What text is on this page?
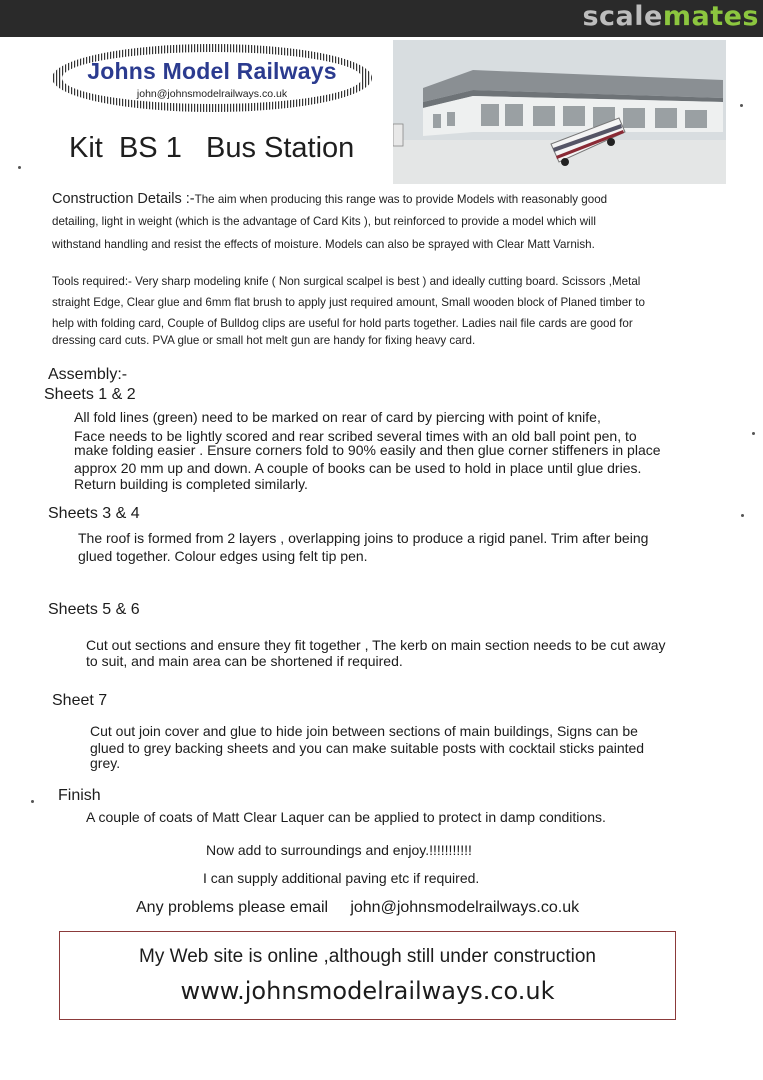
scalemates
Johns Model Railways
john@johnsmodelrailways.co.uk
Kit  BS 1   Bus Station
Construction Details :-The aim when producing this range was to provide Models with reasonably good
detailing, light in weight (which is the advantage of Card Kits ), but reinforced to provide a model which will
withstand handling and resist the effects of moisture. Models can also be sprayed with Clear Matt Varnish.
Tools required:- Very sharp modeling knife ( Non surgical scalpel is best ) and ideally cutting board. Scissors ,Metal
straight Edge, Clear glue and 6mm flat brush to apply just required amount, Small wooden block of Planed timber to
help with folding card, Couple of Bulldog clips are useful for hold parts together. Ladies nail file cards are good for
dressing card cuts. PVA glue or small hot melt gun are handy for fixing heavy card.
Assembly:-
Sheets 1 & 2
All fold lines (green) need to be marked on rear of card by piercing with point of knife,
Face needs to be lightly scored and rear scribed several times with an old ball point pen, to
make folding easier . Ensure corners fold to 90% easily and then glue corner stiffeners in place
approx 20 mm up and down. A couple of books can be used to hold in place until glue dries.
Return building is completed similarly.
Sheets 3 & 4
The roof is formed from 2 layers , overlapping joins to produce a rigid panel. Trim after being
glued together. Colour edges using felt tip pen.
Sheets 5 & 6
Cut out sections and ensure they fit together , The kerb on main section needs to be cut away
to suit, and main area can be shortened if required.
Sheet 7
Cut out join cover and glue to hide join between sections of main buildings, Signs can be
glued to grey backing sheets and you can make suitable posts with cocktail sticks painted
grey.
Finish
A couple of coats of Matt Clear Laquer can be applied to protect in damp conditions.
Now add to surroundings and enjoy.!!!!!!!!!!!
I can supply additional paving etc if required.
Any problems please email     john@johnsmodelrailways.co.uk
My Web site is online ,although still under construction
www.johnsmodelrailways.co.uk
